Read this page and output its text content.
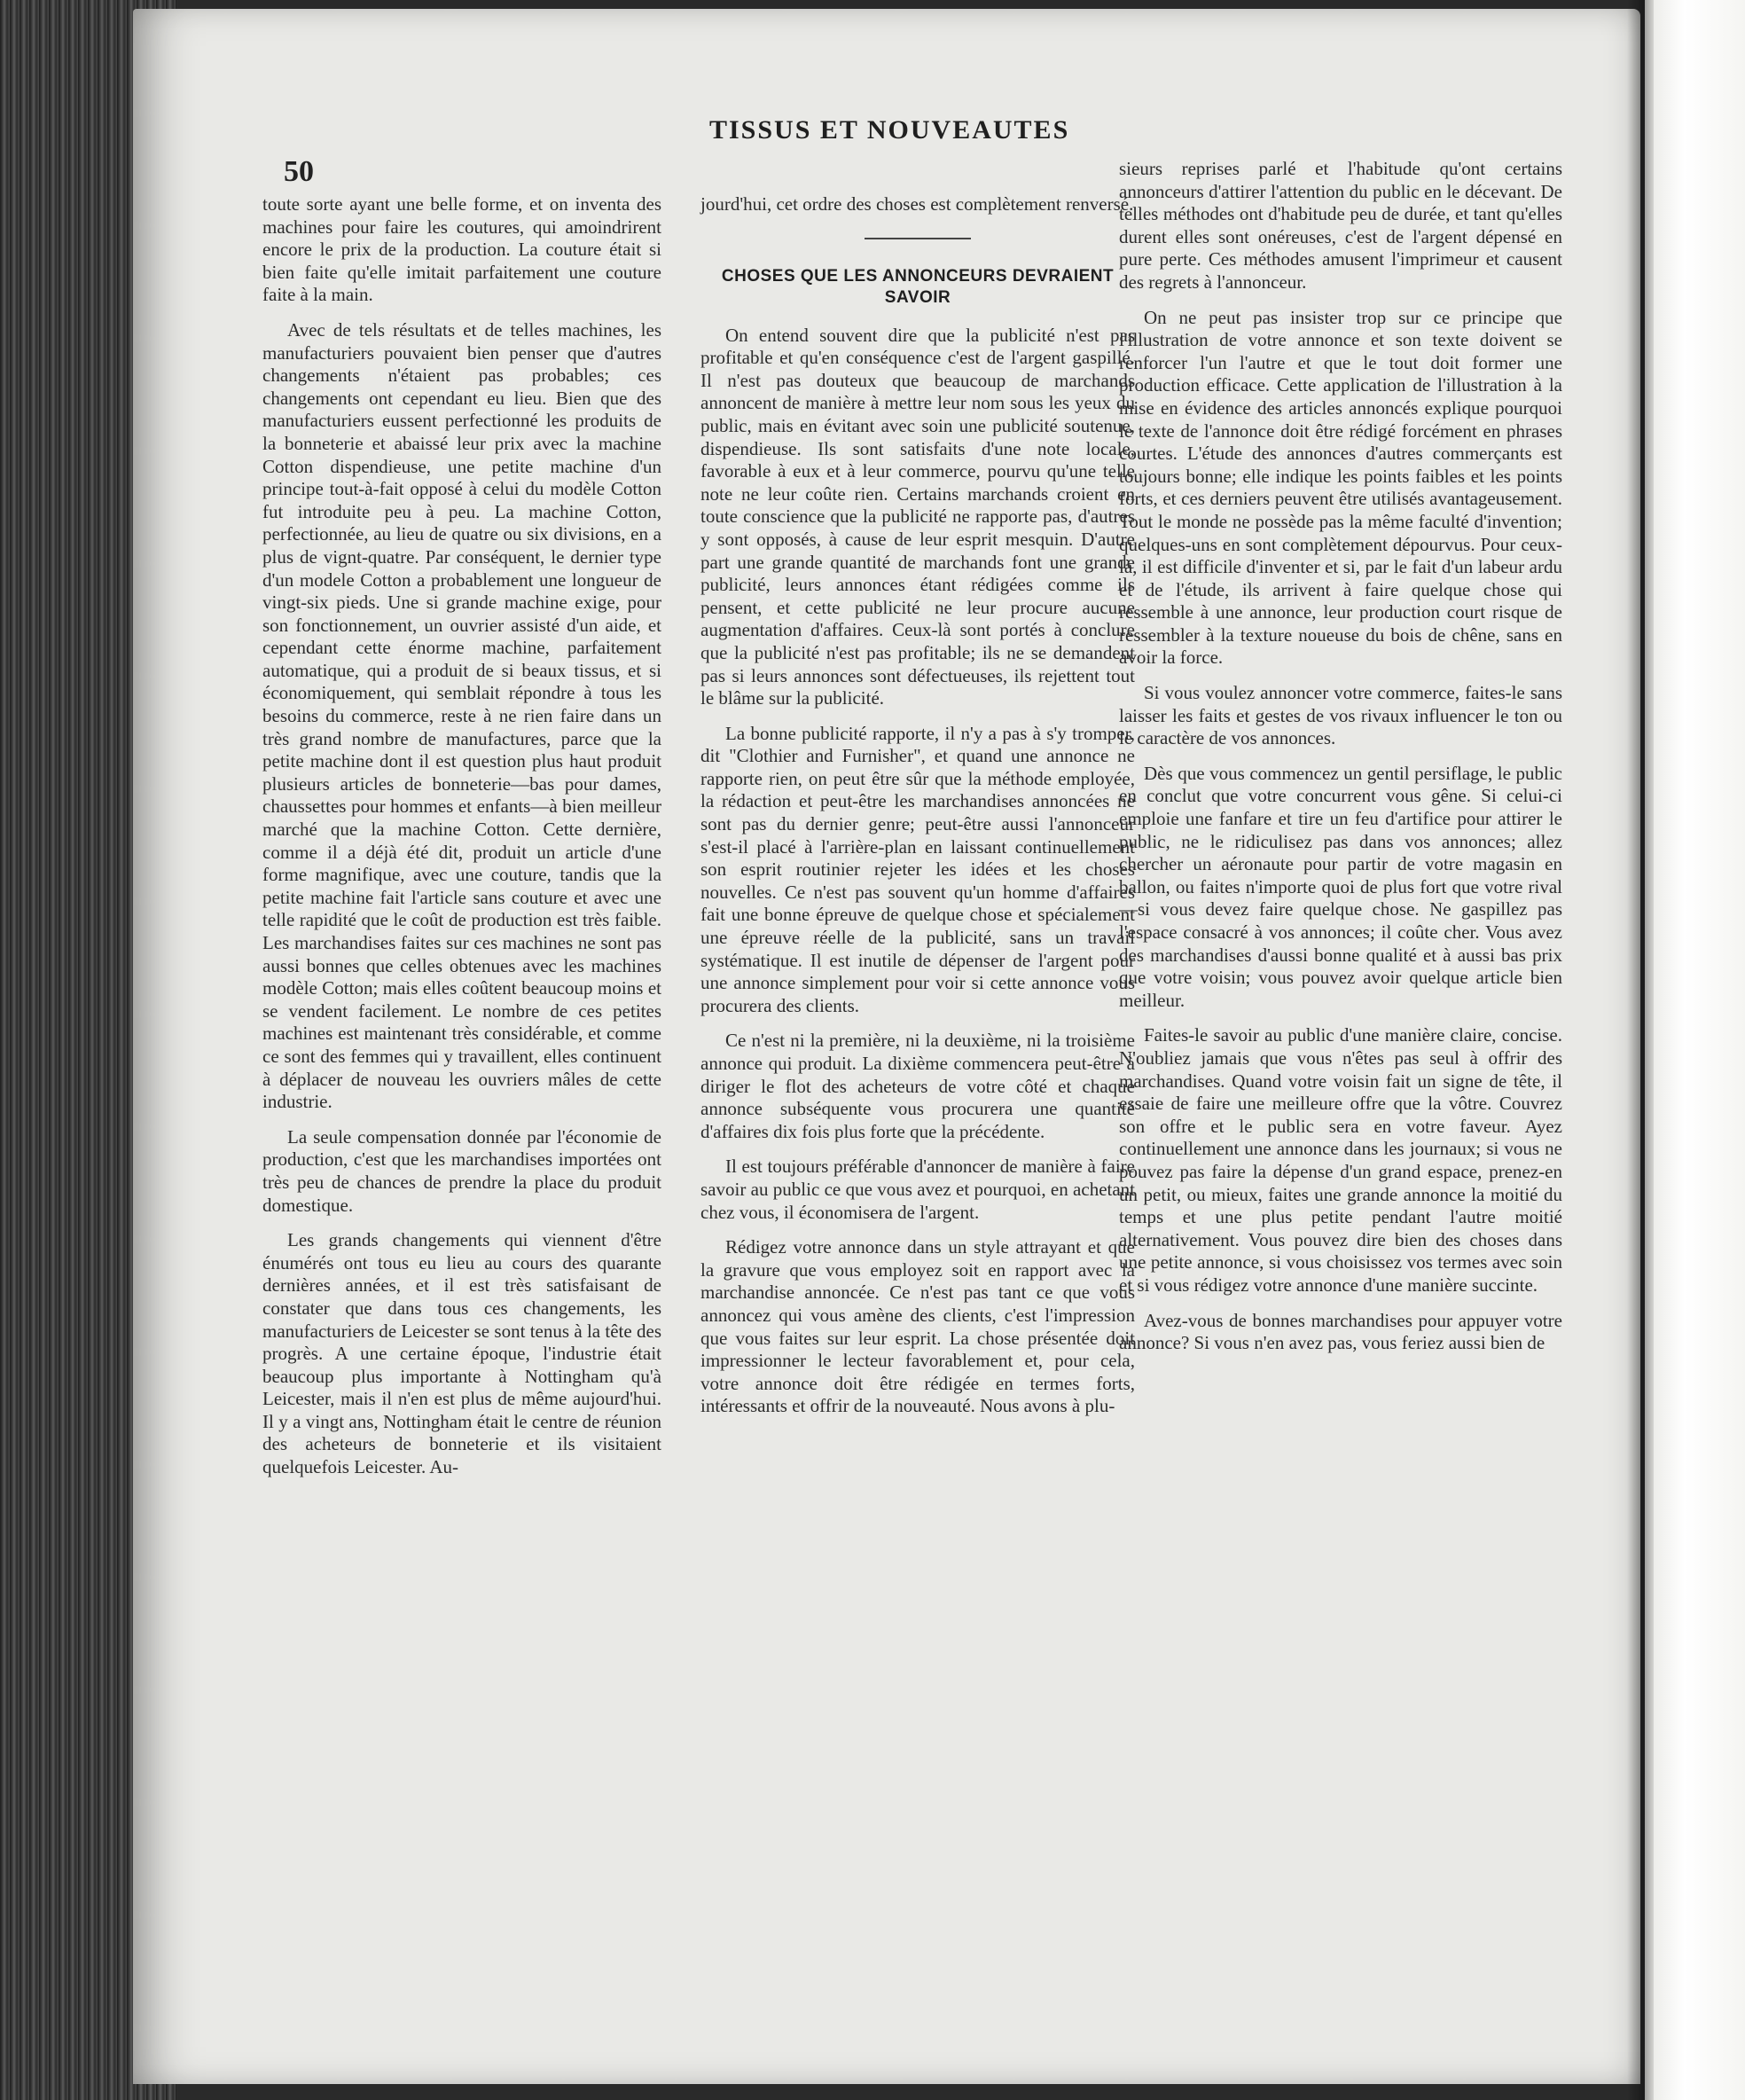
50
TISSUS ET NOUVEAUTES

toute sorte ayant une belle forme, et on inventa des machines pour faire les coutures, qui amoindrirent encore le prix de la production. La couture était si bien faite qu'elle imitait parfaitement une couture faite à la main.

Avec de tels résultats et de telles machines, les manufacturiers pouvaient bien penser que d'autres changements n'étaient pas probables; ces changements ont cependant eu lieu. Bien que des manufacturiers eussent perfectionné les produits de la bonneterie et abaissé leur prix avec la machine Cotton dispendieuse, une petite machine d'un principe tout-à-fait opposé à celui du modèle Cotton fut introduite peu à peu. La machine Cotton, perfectionnée, au lieu de quatre ou six divisions, en a plus de vignt-quatre. Par conséquent, le dernier type d'un modele Cotton a probablement une longueur de vingt-six pieds. Une si grande machine exige, pour son fonctionnement, un ouvrier assisté d'un aide, et cependant cette énorme machine, parfaitement automatique, qui a produit de si beaux tissus, et si économiquement, qui semblait répondre à tous les besoins du commerce, reste à ne rien faire dans un très grand nombre de manufactures, parce que la petite machine dont il est question plus haut produit plusieurs articles de bonneterie—bas pour dames, chaussettes pour hommes et enfants—à bien meilleur marché que la machine Cotton. Cette dernière, comme il a déjà été dit, produit un article d'une forme magnifique, avec une couture, tandis que la petite machine fait l'article sans couture et avec une telle rapidité que le coût de production est très faible. Les marchandises faites sur ces machines ne sont pas aussi bonnes que celles obtenues avec les machines modèle Cotton; mais elles coûtent beaucoup moins et se vendent facilement. Le nombre de ces petites machines est maintenant très considérable, et comme ce sont des femmes qui y travaillent, elles continuent à déplacer de nouveau les ouvriers mâles de cette industrie.

La seule compensation donnée par l'économie de production, c'est que les marchandises importées ont très peu de chances de prendre la place du produit domestique.

Les grands changements qui viennent d'être énumérés ont tous eu lieu au cours des quarante dernières années, et il est très satisfaisant de constater que dans tous ces changements, les manufacturiers de Leicester se sont tenus à la tête des progrès. A une certaine époque, l'industrie était beaucoup plus importante à Nottingham qu'à Leicester, mais il n'en est plus de même aujourd'hui. Il y a vingt ans, Nottingham était le centre de réunion des acheteurs de bonneterie et ils visitaient quelquefois Leicester. Au-

jourd'hui, cet ordre des choses est complètement renversé.

CHOSES QUE LES ANNONCEURS DEVRAIENT SAVOIR

On entend souvent dire que la publicité n'est pas profitable et qu'en conséquence c'est de l'argent gaspillé. Il n'est pas douteux que beaucoup de marchands annoncent de manière à mettre leur nom sous les yeux du public, mais en évitant avec soin une publicité soutenue, dispendieuse. Ils sont satisfaits d'une note locale, favorable à eux et à leur commerce, pourvu qu'une telle note ne leur coûte rien. Certains marchands croient en toute conscience que la publicité ne rapporte pas, d'autres y sont opposés, à cause de leur esprit mesquin. D'autre part une grande quantité de marchands font une grande publicité, leurs annonces étant rédigées comme ils pensent, et cette publicité ne leur procure aucune augmentation d'affaires. Ceux-là sont portés à conclure que la publicité n'est pas profitable; ils ne se demandent pas si leurs annonces sont défectueuses, ils rejettent tout le blâme sur la publicité.

La bonne publicité rapporte, il n'y a pas à s'y tromper, dit "Clothier and Furnisher", et quand une annonce ne rapporte rien, on peut être sûr que la méthode employée, la rédaction et peut-être les marchandises annoncées ne sont pas du dernier genre; peut-être aussi l'annonceur s'est-il placé à l'arrière-plan en laissant continuellement son esprit routinier rejeter les idées et les choses nouvelles. Ce n'est pas souvent qu'un homme d'affaires fait une bonne épreuve de quelque chose et spécialement une épreuve réelle de la publicité, sans un travail systématique. Il est inutile de dépenser de l'argent pour une annonce simplement pour voir si cette annonce vous procurera des clients.

Ce n'est ni la première, ni la deuxième, ni la troisième annonce qui produit. La dixième commencera peut-être à diriger le flot des acheteurs de votre côté et chaque annonce subséquente vous procurera une quantité d'affaires dix fois plus forte que la précédente.

Il est toujours préférable d'annoncer de manière à faire savoir au public ce que vous avez et pourquoi, en achetant chez vous, il économisera de l'argent.

Rédigez votre annonce dans un style attrayant et que la gravure que vous employez soit en rapport avec la marchandise annoncée. Ce n'est pas tant ce que vous annoncez qui vous amène des clients, c'est l'impression que vous faites sur leur esprit. La chose présentée doit impressionner le lecteur favorablement et, pour cela, votre annonce doit être rédigée en termes forts, intéressants et offrir de la nouveauté. Nous avons à plu-

sieurs reprises parlé et l'habitude qu'ont certains annonceurs d'attirer l'attention du public en le décevant. De telles méthodes ont d'habitude peu de durée, et tant qu'elles durent elles sont onéreuses, c'est de l'argent dépensé en pure perte. Ces méthodes amusent l'imprimeur et causent des regrets à l'annonceur.

On ne peut pas insister trop sur ce principe que l'illustration de votre annonce et son texte doivent se renforcer l'un l'autre et que le tout doit former une production efficace. Cette application de l'illustration à la mise en évidence des articles annoncés explique pourquoi le texte de l'annonce doit être rédigé forcément en phrases courtes. L'étude des annonces d'autres commerçants est toujours bonne; elle indique les points faibles et les points forts, et ces derniers peuvent être utilisés avantageusement. Tout le monde ne possède pas la même faculté d'invention; quelques-uns en sont complètement dépourvus. Pour ceux-là, il est difficile d'inventer et si, par le fait d'un labeur ardu et de l'étude, ils arrivent à faire quelque chose qui ressemble à une annonce, leur production court risque de ressembler à la texture noueuse du bois de chêne, sans en avoir la force.

Si vous voulez annoncer votre commerce, faites-le sans laisser les faits et gestes de vos rivaux influencer le ton ou le caractère de vos annonces.

Dès que vous commencez un gentil persiflage, le public en conclut que votre concurrent vous gêne. Si celui-ci emploie une fanfare et tire un feu d'artifice pour attirer le public, ne le ridiculisez pas dans vos annonces; allez chercher un aéronaute pour partir de votre magasin en ballon, ou faites n'importe quoi de plus fort que votre rival—si vous devez faire quelque chose. Ne gaspillez pas l'espace consacré à vos annonces; il coûte cher. Vous avez des marchandises d'aussi bonne qualité et à aussi bas prix que votre voisin; vous pouvez avoir quelque article bien meilleur.

Faites-le savoir au public d'une manière claire, concise. N'oubliez jamais que vous n'êtes pas seul à offrir des marchandises. Quand votre voisin fait un signe de tête, il essaie de faire une meilleure offre que la vôtre. Couvrez son offre et le public sera en votre faveur. Ayez continuellement une annonce dans les journaux; si vous ne pouvez pas faire la dépense d'un grand espace, prenez-en un petit, ou mieux, faites une grande annonce la moitié du temps et une plus petite pendant l'autre moitié alternativement. Vous pouvez dire bien des choses dans une petite annonce, si vous choisissez vos termes avec soin et si vous rédigez votre annonce d'une manière succinte.

Avez-vous de bonnes marchandises pour appuyer votre annonce? Si vous n'en avez pas, vous feriez aussi bien de
